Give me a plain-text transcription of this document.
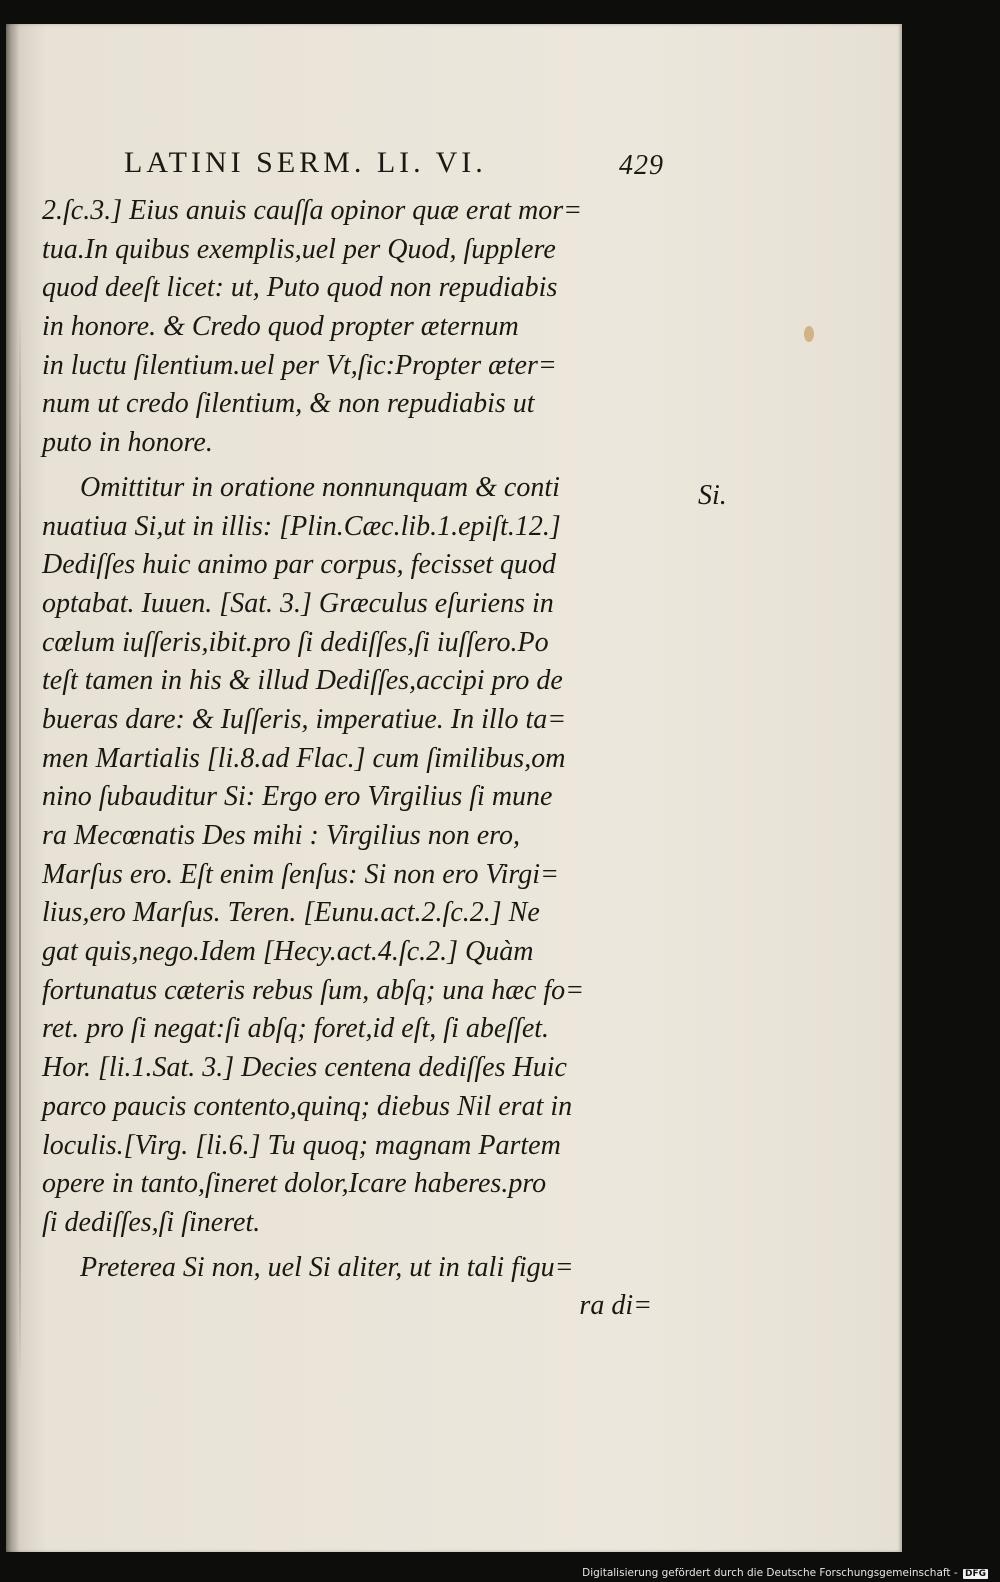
LATINI SERM. LI. VI.	429
2.ſc.3.] Eius anuis cauſſa opinor quæ erat mor=
tua.In quibus exemplis,uel per Quod, ſupplere
quod deeſt licet: ut, Puto quod non repudiabis
in honore. & Credo quod propter æternum
in luctu ſilentium.uel per Vt,ſic:Propter æter=
num ut credo ſilentium, & non repudiabis ut
puto in honore.
Omittitur in oratione nonnunquam & conti
nuatiua Si,ut in illis: [Plin.Cæc.lib.1.epiſt.12.]
Dediſſes huic animo par corpus, fecisset quod
optabat. Iuuen. [Sat. 3.] Græculus eſuriens in
cœlum iuſſeris,ibit.pro ſi dediſſes,ſi iuſſero.Po
teſt tamen in his & illud Dediſſes,accipi pro de
bueras dare: & Iuſſeris, imperatiue. In illo ta=
men Martialis [li.8.ad Flac.] cum ſimilibus,om
nino ſubauditur Si: Ergo ero Virgilius ſi mune
ra Mecœnatis Des mihi : Virgilius non ero,
Marſus ero. Eſt enim ſenſus: Si non ero Virgi=
lius,ero Marſus. Teren. [Eunu.act.2.ſc.2.] Ne
gat quis,nego.Idem [Hecy.act.4.ſc.2.] Quàm
fortunatus cæteris rebus ſum, abſq; una hæc fo=
ret. pro ſi negat:ſi abſq; foret,id eſt, ſi abeſſet.
Hor. [li.1.Sat. 3.] Decies centena dediſſes Huic
parco paucis contento,quinq; diebus Nil erat in
loculis.[Virg. [li.6.] Tu quoq; magnam Partem
opere in tanto,ſineret dolor,Icare haberes.pro
ſi dediſſes,ſi ſineret.
Preterea Si non, uel Si aliter, ut in tali figu=
ra di=
Si.
Digitalisierung gefördert durch die Deutsche Forschungsgemeinschaft - DFG
